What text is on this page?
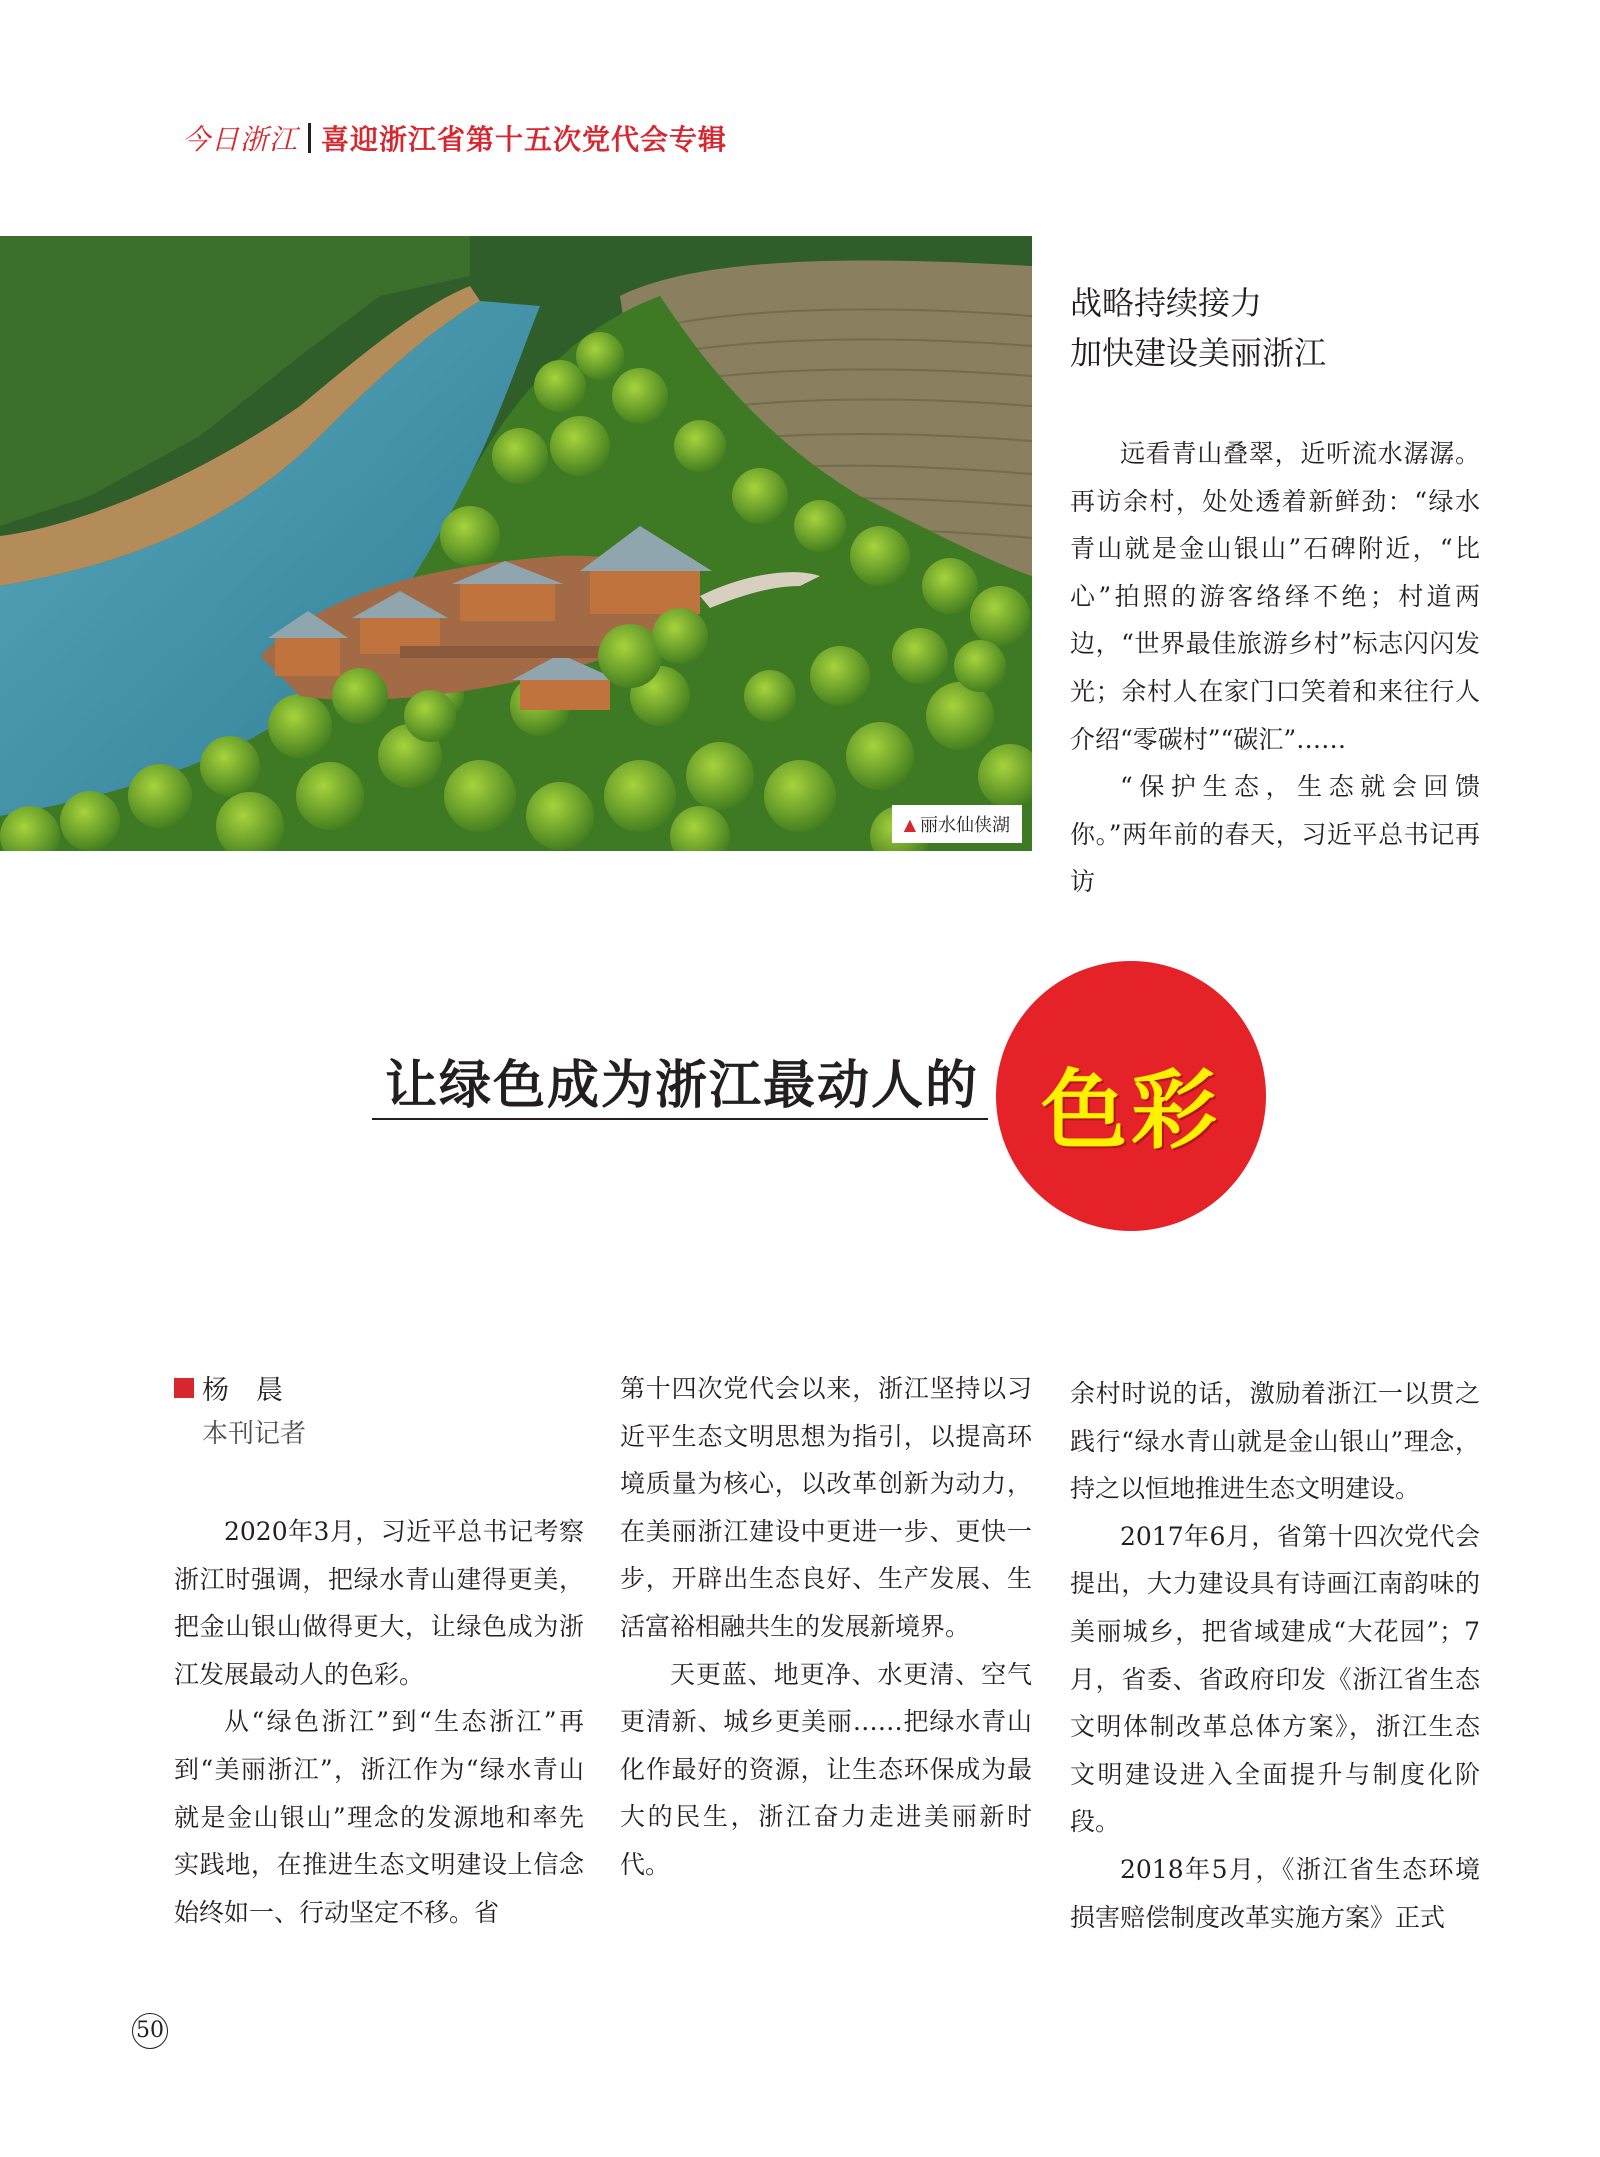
今日浙江 喜迎浙江省第十五次党代会专辑
▲ 丽水仙侠湖
战略持续接力
加快建设美丽浙江

远看青山叠翠，近听流水潺潺。再访余村，处处透着新鲜劲：“绿水青山就是金山银山”石碑附近，“比心”拍照的游客络绎不绝；村道两边，“世界最佳旅游乡村”标志闪闪发光；余村人在家门口笑着和来往行人介绍“零碳村”“碳汇”……

“保护生态，生态就会回馈你。”两年前的春天，习近平总书记再访

让绿色成为浙江最动人的 色彩
杨　晨
本刊记者

2020年3月，习近平总书记考察浙江时强调，把绿水青山建得更美，把金山银山做得更大，让绿色成为浙江发展最动人的色彩。

从“绿色浙江”到“生态浙江”再到“美丽浙江”，浙江作为“绿水青山就是金山银山”理念的发源地和率先实践地，在推进生态文明建设上信念始终如一、行动坚定不移。省

第十四次党代会以来，浙江坚持以习近平生态文明思想为指引，以提高环境质量为核心，以改革创新为动力，在美丽浙江建设中更进一步、更快一步，开辟出生态良好、生产发展、生活富裕相融共生的发展新境界。

天更蓝、地更净、水更清、空气更清新、城乡更美丽……把绿水青山化作最好的资源，让生态环保成为最大的民生，浙江奋力走进美丽新时代。

余村时说的话，激励着浙江一以贯之践行“绿水青山就是金山银山”理念，持之以恒地推进生态文明建设。

2017年6月，省第十四次党代会提出，大力建设具有诗画江南韵味的美丽城乡，把省域建成“大花园”；7月，省委、省政府印发《浙江省生态文明体制改革总体方案》，浙江生态文明建设进入全面提升与制度化阶段。

2018年5月，《浙江省生态环境损害赔偿制度改革实施方案》正式

50
